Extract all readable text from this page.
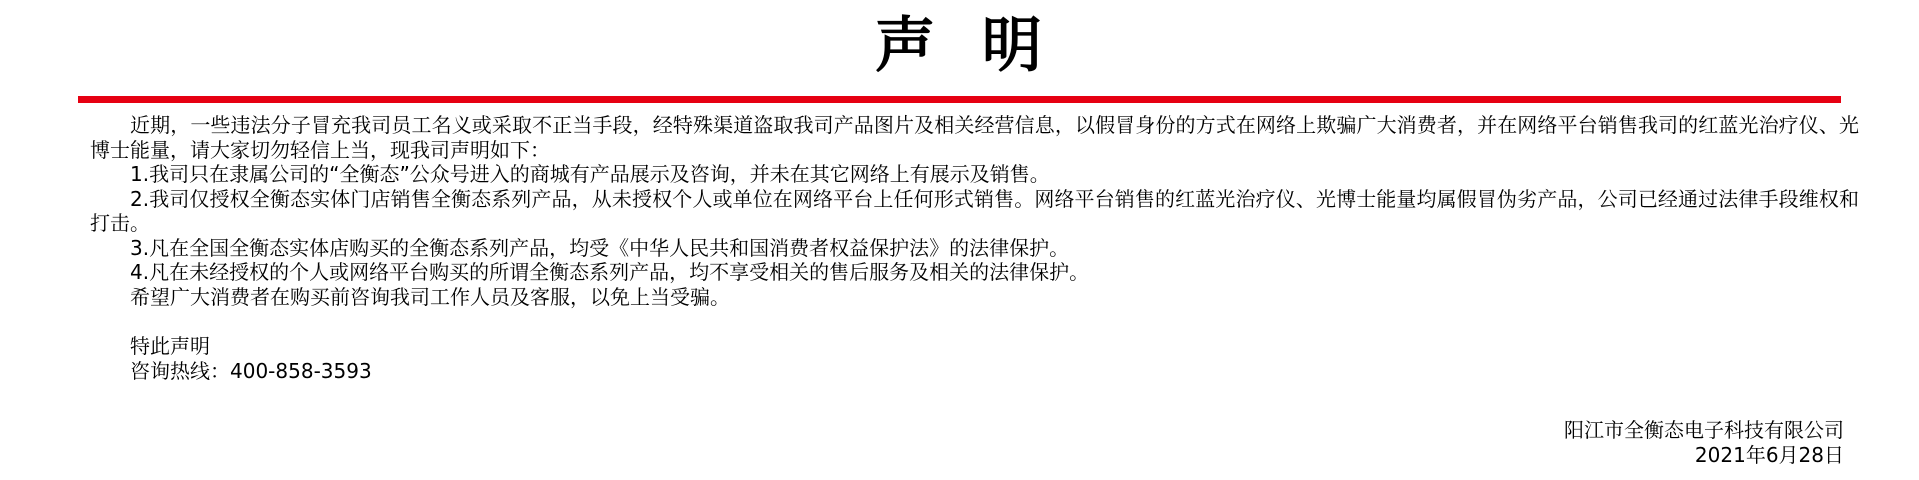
声 明

近期，一些违法分子冒充我司员工名义或采取不正当手段，经特殊渠道盗取我司产品图片及相关经营信息，以假冒身份的方式在网络上欺骗广大消费者，并在网络平台销售我司的红蓝光治疗仪、光博士能量，请大家切勿轻信上当，现我司声明如下：

1.我司只在隶属公司的“全衡态”公众号进入的商城有产品展示及咨询，并未在其它网络上有展示及销售。

2.我司仅授权全衡态实体门店销售全衡态系列产品，从未授权个人或单位在网络平台上任何形式销售。网络平台销售的红蓝光治疗仪、光博士能量均属假冒伪劣产品，公司已经通过法律手段维权和打击。

3.凡在全国全衡态实体店购买的全衡态系列产品，均受《中华人民共和国消费者权益保护法》的法律保护。

4.凡在未经授权的个人或网络平台购买的所谓全衡态系列产品，均不享受相关的售后服务及相关的法律保护。

希望广大消费者在购买前咨询我司工作人员及客服，以免上当受骗。

特此声明

咨询热线：400-858-3593

阳江市全衡态电子科技有限公司
2021年6月28日
